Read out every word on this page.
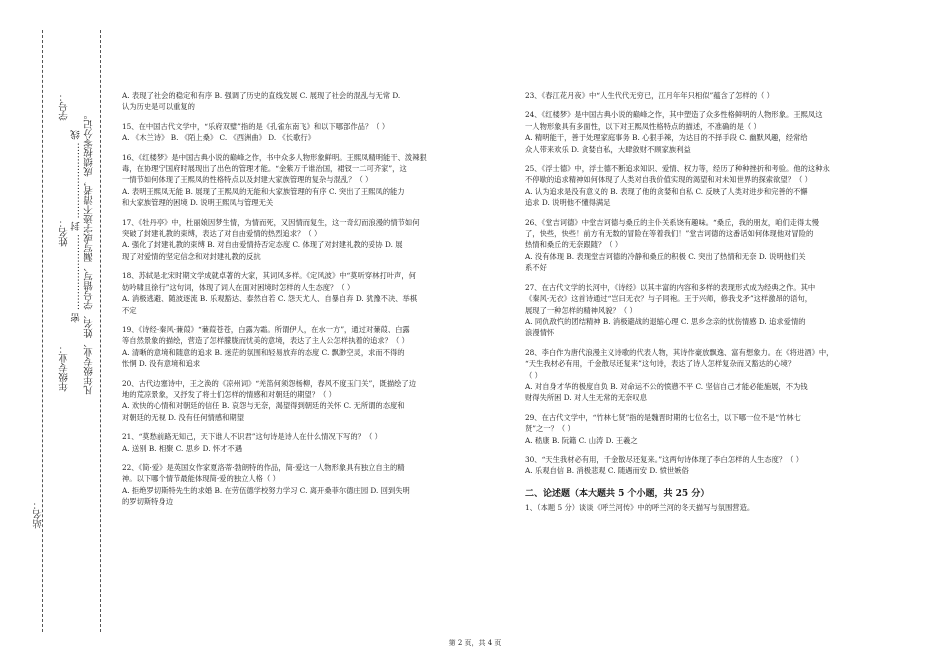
学号：
姓名： 凡年级专业、姓名、学号错写、漏写或字迹不清者，成绩按零分记。
密 …………………… 封 …………………… 线
年级专业：
站名：

A. 表现了社会的稳定和有序 B. 强调了历史的直线发展 C. 展现了社会的混乱与无常 D.

认为历史是可以重复的

15、在中国古代文学中，“乐府双璧”指的是《孔雀东南飞》和以下哪部作品？（ ）

A. 《木兰诗》 B. 《陌上桑》 C. 《西洲曲》 D. 《长歌行》

16、《红楼梦》是中国古典小说的巅峰之作，书中众多人物形象鲜明。王熙凤精明能干、泼辣狠

毒，在协理宁国府时展现出了出色的管理才能。“金紫万千谁治国，裙钗一二可齐家”，这

一情节如何体现了王熙凤的性格特点以及封建大家族管理的复杂与混乱？（ ）

A. 表明王熙凤无能 B. 展现了王熙凤的无能和大家族管理的有序 C. 突出了王熙凤的能力

和大家族管理的困境 D. 说明王熙凤与管理无关

17、《牡丹亭》中，杜丽娘因梦生情，为情而死，又因情而复生，这一奇幻而浪漫的情节如何

突破了封建礼教的束缚，表达了对自由爱情的热烈追求？（ ）

A. 强化了封建礼教的束缚 B. 对自由爱情持否定态度 C. 体现了对封建礼教的妥协 D. 展

现了对爱情的坚定信念和对封建礼教的反抗

18、苏轼是北宋时期文学成就卓著的大家，其词风多样。《定风波》中“莫听穿林打叶声，何

妨吟啸且徐行”这句词，体现了词人在面对困境时怎样的人生态度？（ ）

A. 消极逃避、随波逐流 B. 乐观豁达、泰然自若 C. 怨天尤人、自暴自弃 D. 犹豫不决、举棋

不定

19、《诗经·秦风·蒹葭》“蒹葭苍苍，白露为霜。所谓伊人，在水一方”，通过对蒹葭、白露

等自然景象的描绘，营造了怎样朦胧而忧美的意境，表达了主人公怎样执着的追求？（ ）

A. 清晰的意境和随意的追求 B. 迷茫的氛围和轻易放弃的态度 C. 飘渺空灵，求而不得的

怅惘 D. 没有意境和追求

20、古代边塞诗中，王之涣的《凉州词》“羌笛何须怨杨柳，春风不度玉门关”，既描绘了边

地的荒凉景象，又抒发了将士们怎样的情感和对朝廷的期望？（ ）

A. 欢快的心情和对朝廷的信任 B. 哀怨与无奈，渴望得到朝廷的关怀 C. 无所谓的态度和

对朝廷的无视 D. 没有任何情感和期望

21、“莫愁前路无知己，天下谁人不识君”这句诗是诗人在什么情况下写的？（ ）

A. 送别 B. 相聚 C. 思乡 D. 怀才不遇

22、《简·爱》是英国女作家夏洛蒂·勃朗特的作品，简·爱这一人物形象具有独立自主的精

神。以下哪个情节最能体现简·爱的独立人格（ ）

A. 拒绝罗切斯特先生的求婚 B. 在劳伍德学校努力学习 C. 离开桑菲尔德庄园 D. 回到失明

的罗切斯特身边

23、《春江花月夜》中“人生代代无穷已，江月年年只相似”蕴含了怎样的（ ）

24、《红楼梦》是中国古典小说的巅峰之作，其中塑造了众多性格鲜明的人物形象。王熙凤这

一人物形象具有多面性，以下对王熙凤性格特点的描述，不准确的是（ ）

A. 精明能干，善于处理家庭事务 B. 心狠手辣，为达目的不择手段 C. 幽默风趣，经常给

众人带来欢乐 D. 贪婪自私，大肆敛财不顾家族利益

25、《浮士德》中，浮士德不断追求知识、爱情、权力等，经历了种种挫折和考验。他的这种永

不停歇的追求精神如何体现了人类对自我价值实现的渴望和对未知世界的探索欲望？（ ）

A. 认为追求是没有意义的 B. 表现了他的贪婪和自私 C. 反映了人类对进步和完善的不懈

追求 D. 说明他不懂得满足

26、《堂吉诃德》中堂吉诃德与桑丘的主仆关系饶有趣味。“桑丘，我的朋友，咱们走得太慢

了，快些，快些！前方有无数的冒险在等着我们！”堂吉诃德的这番话如何体现他对冒险的

热情和桑丘的无奈跟随？（ ）

A. 没有体现 B. 表现堂吉诃德的冷静和桑丘的积极 C. 突出了热情和无奈 D. 说明他们关

系不好

27、在古代文学的长河中，《诗经》以其丰富的内容和多样的表现形式成为经典之作。其中

《秦风·无衣》这首诗通过“岂曰无衣？与子同袍。王于兴师，修我戈矛”这样激昂的语句，

展现了一种怎样的精神风貌？（ ）

A. 同仇敌忾的团结精神 B. 消极避战的退缩心理 C. 思乡念亲的忧伤情感 D. 追求爱情的

浪漫情怀

28、李白作为唐代浪漫主义诗歌的代表人物，其诗作豪放飘逸、富有想象力。在《将进酒》中，

“天生我材必有用，千金散尽还复来”这句诗，表达了诗人怎样复杂而又豁达的心境？

（ ）

A. 对自身才华的极度自负 B. 对命运不公的愤懑不平 C. 坚信自己才能必能施展，不为钱

财得失所困 D. 对人生无常的无奈叹息

29、在古代文学中，“竹林七贤”指的是魏晋时期的七位名士，以下哪一位不是“竹林七

贤”之一？（ ）

A. 嵇康 B. 阮籍 C. 山涛 D. 王羲之

30、“天生我材必有用，千金散尽还复来。”这两句诗体现了李白怎样的人生态度？（ ）

A. 乐观自信 B. 消极悲观 C. 随遇而安 D. 愤世嫉俗

二、论述题（本大题共 5 个小题，共 25 分）

1、（本题 5 分）谈谈《呼兰河传》中的呼兰河的冬天描写与氛围营造。

第 2 页，共 4 页
